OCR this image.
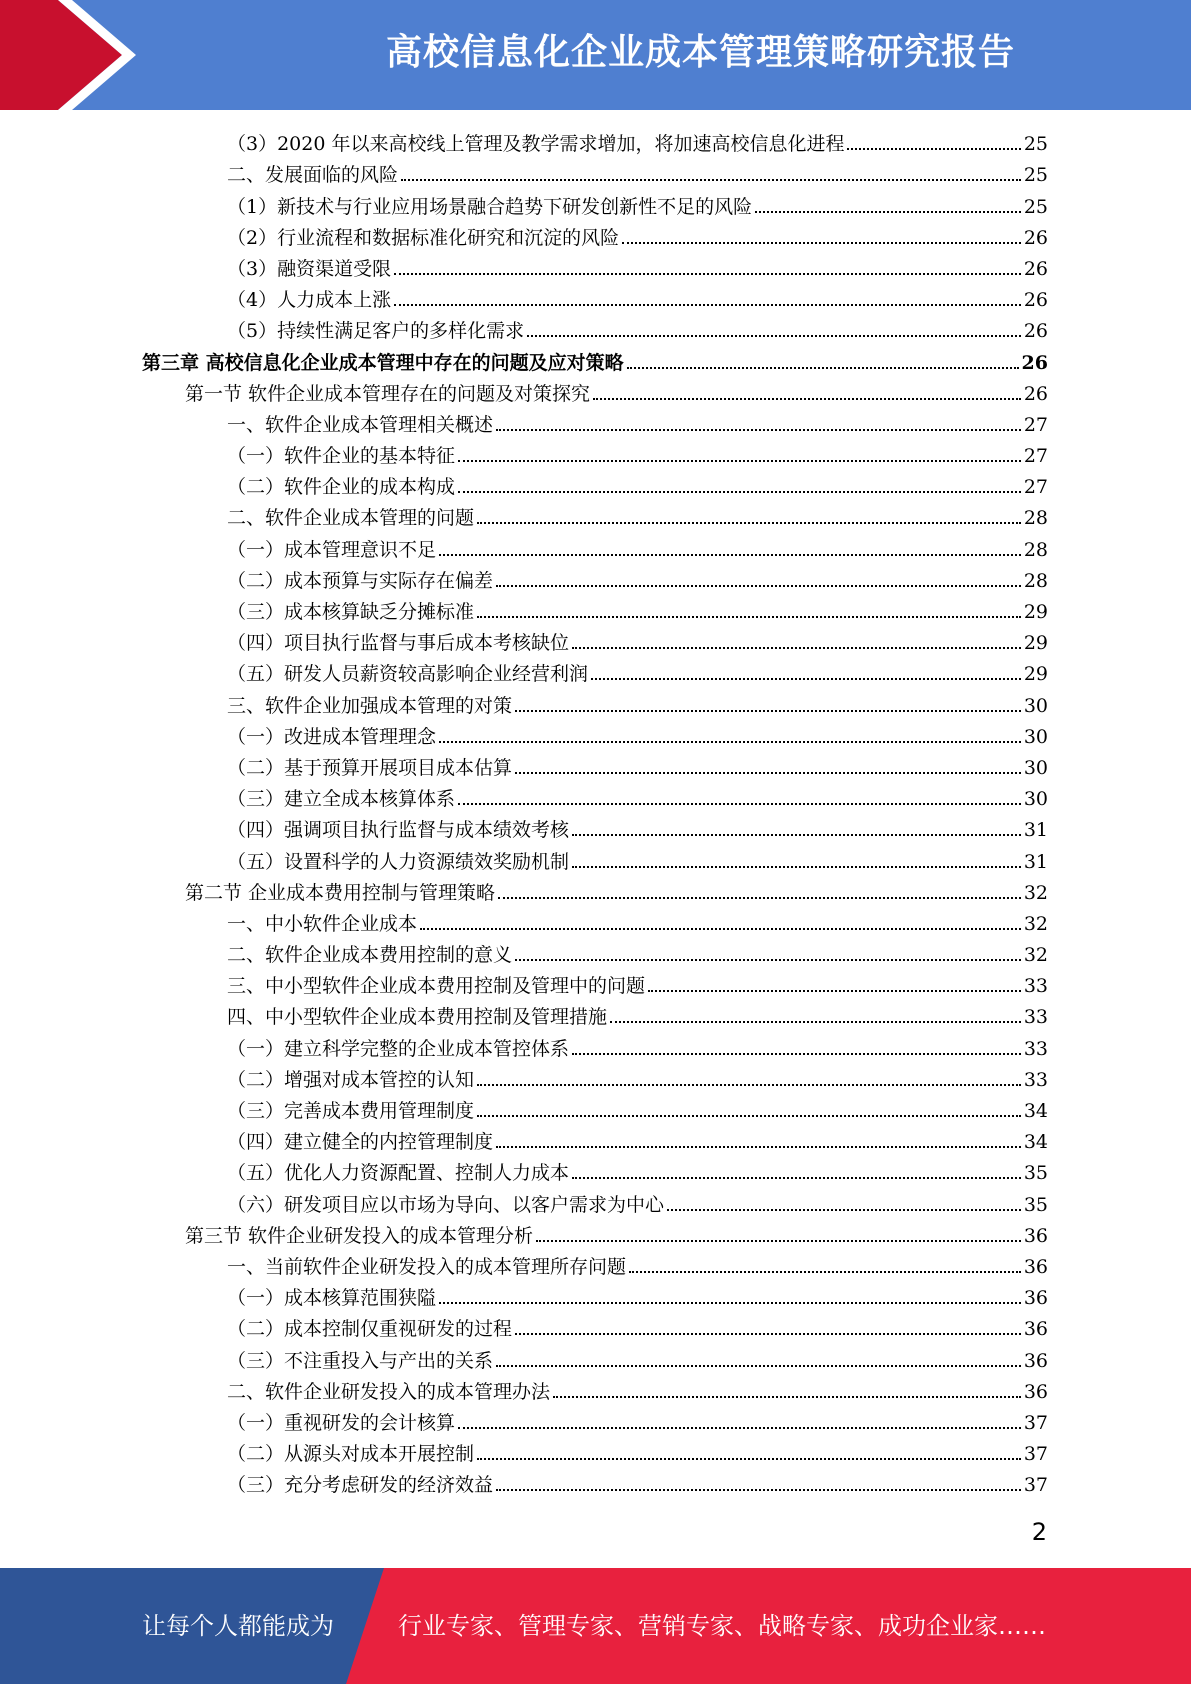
高校信息化企业成本管理策略研究报告
（3）2020 年以来高校线上管理及教学需求增加，将加速高校信息化进程	25
二、发展面临的风险	25
（1）新技术与行业应用场景融合趋势下研发创新性不足的风险	25
（2）行业流程和数据标准化研究和沉淀的风险	26
（3）融资渠道受限	26
（4）人力成本上涨	26
（5）持续性满足客户的多样化需求	26
第三章 高校信息化企业成本管理中存在的问题及应对策略	26
第一节 软件企业成本管理存在的问题及对策探究	26
一、软件企业成本管理相关概述	27
（一）软件企业的基本特征	27
（二）软件企业的成本构成	27
二、软件企业成本管理的问题	28
（一）成本管理意识不足	28
（二）成本预算与实际存在偏差	28
（三）成本核算缺乏分摊标准	29
（四）项目执行监督与事后成本考核缺位	29
（五）研发人员薪资较高影响企业经营利润	29
三、软件企业加强成本管理的对策	30
（一）改进成本管理理念	30
（二）基于预算开展项目成本估算	30
（三）建立全成本核算体系	30
（四）强调项目执行监督与成本绩效考核	31
（五）设置科学的人力资源绩效奖励机制	31
第二节 企业成本费用控制与管理策略	32
一、中小软件企业成本	32
二、软件企业成本费用控制的意义	32
三、中小型软件企业成本费用控制及管理中的问题	33
四、中小型软件企业成本费用控制及管理措施	33
（一）建立科学完整的企业成本管控体系	33
（二）增强对成本管控的认知	33
（三）完善成本费用管理制度	34
（四）建立健全的内控管理制度	34
（五）优化人力资源配置、控制人力成本	35
（六）研发项目应以市场为导向、以客户需求为中心	35
第三节 软件企业研发投入的成本管理分析	36
一、当前软件企业研发投入的成本管理所存问题	36
（一）成本核算范围狭隘	36
（二）成本控制仅重视研发的过程	36
（三）不注重投入与产出的关系	36
二、软件企业研发投入的成本管理办法	36
（一）重视研发的会计核算	37
（二）从源头对成本开展控制	37
（三）充分考虑研发的经济效益	37
2
让每个人都能成为	行业专家、管理专家、营销专家、战略专家、成功企业家……
